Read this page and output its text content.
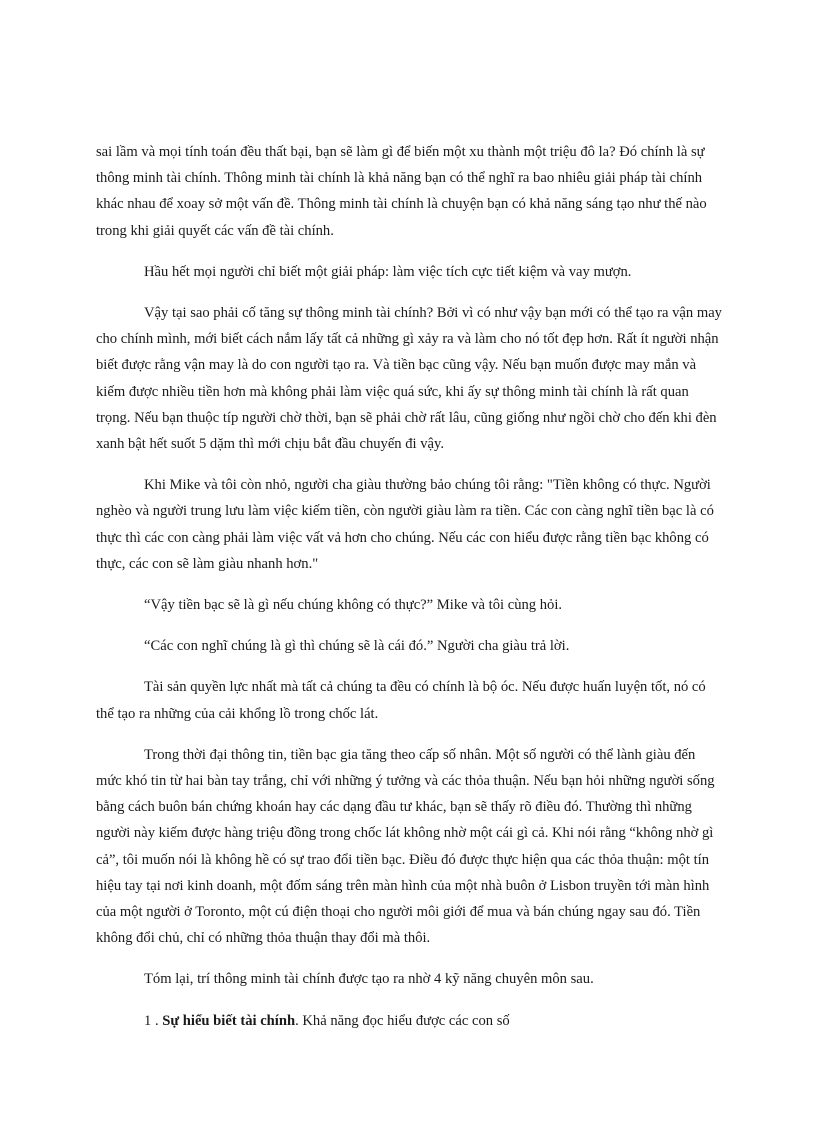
sai lầm và mọi tính toán đều thất bại, bạn sẽ làm gì để biến một xu thành một triệu đô la? Đó chính là sự thông minh tài chính. Thông minh tài chính là khả năng bạn có thể nghĩ ra bao nhiêu giải pháp tài chính khác nhau để xoay sở một vấn đề. Thông minh tài chính là chuyện bạn có khả năng sáng tạo như thế nào trong khi giải quyết các vấn đề tài chính.

Hầu hết mọi người chỉ biết một giải pháp: làm việc tích cực tiết kiệm và vay mượn.

Vậy tại sao phải cố tăng sự thông minh tài chính? Bởi vì có như vậy bạn mới có thể tạo ra vận may cho chính mình, mới biết cách nắm lấy tất cả những gì xảy ra và làm cho nó tốt đẹp hơn. Rất ít người nhận biết được rằng vận may là do con người tạo ra. Và tiền bạc cũng vậy. Nếu bạn muốn được may mắn và kiếm được nhiều tiền hơn mà không phải làm việc quá sức, khi ấy sự thông minh tài chính là rất quan trọng. Nếu bạn thuộc típ người chờ thời, bạn sẽ phải chờ rất lâu, cũng giống như ngồi chờ cho đến khi đèn xanh bật hết suốt 5 dặm thì mới chịu bắt đầu chuyến đi vậy.

Khi Mike và tôi còn nhỏ, người cha giàu thường bảo chúng tôi rằng: "Tiền không có thực. Người nghèo và người trung lưu làm việc kiếm tiền, còn người giàu làm ra tiền. Các con càng nghĩ tiền bạc là có thực thì các con càng phải làm việc vất vả hơn cho chúng. Nếu các con hiểu được rằng tiền bạc không có thực, các con sẽ làm giàu nhanh hơn."

“Vậy tiền bạc sẽ là gì nếu chúng không có thực?” Mike và tôi cùng hỏi.

“Các con nghĩ chúng là gì thì chúng sẽ là cái đó.” Người cha giàu trả lời.

Tài sản quyền lực nhất mà tất cả chúng ta đều có chính là bộ óc. Nếu được huấn luyện tốt, nó có thể tạo ra những của cải khổng lồ trong chốc lát.

Trong thời đại thông tin, tiền bạc gia tăng theo cấp số nhân. Một số người có thể lành giàu đến mức khó tin từ hai bàn tay trắng, chỉ với những ý tưởng và các thỏa thuận. Nếu bạn hỏi những người sống bằng cách buôn bán chứng khoán hay các dạng đầu tư khác, bạn sẽ thấy rõ điều đó. Thường thì những người này kiếm được hàng triệu đồng trong chốc lát không nhờ một cái gì cả. Khi nói rằng “không nhờ gì cả”, tôi muốn nói là không hề có sự trao đổi tiền bạc. Điều đó được thực hiện qua các thỏa thuận: một tín hiệu tay tại nơi kinh doanh, một đốm sáng trên màn hình của một nhà buôn ở Lisbon truyền tới màn hình của một người ở Toronto, một cú điện thoại cho người môi giới để mua và bán chúng ngay sau đó. Tiền không đổi chủ, chỉ có những thỏa thuận thay đổi mà thôi.

Tóm lại, trí thông minh tài chính được tạo ra nhờ 4 kỹ năng chuyên môn sau.

1 . Sự hiểu biết tài chính. Khả năng đọc hiểu được các con số
